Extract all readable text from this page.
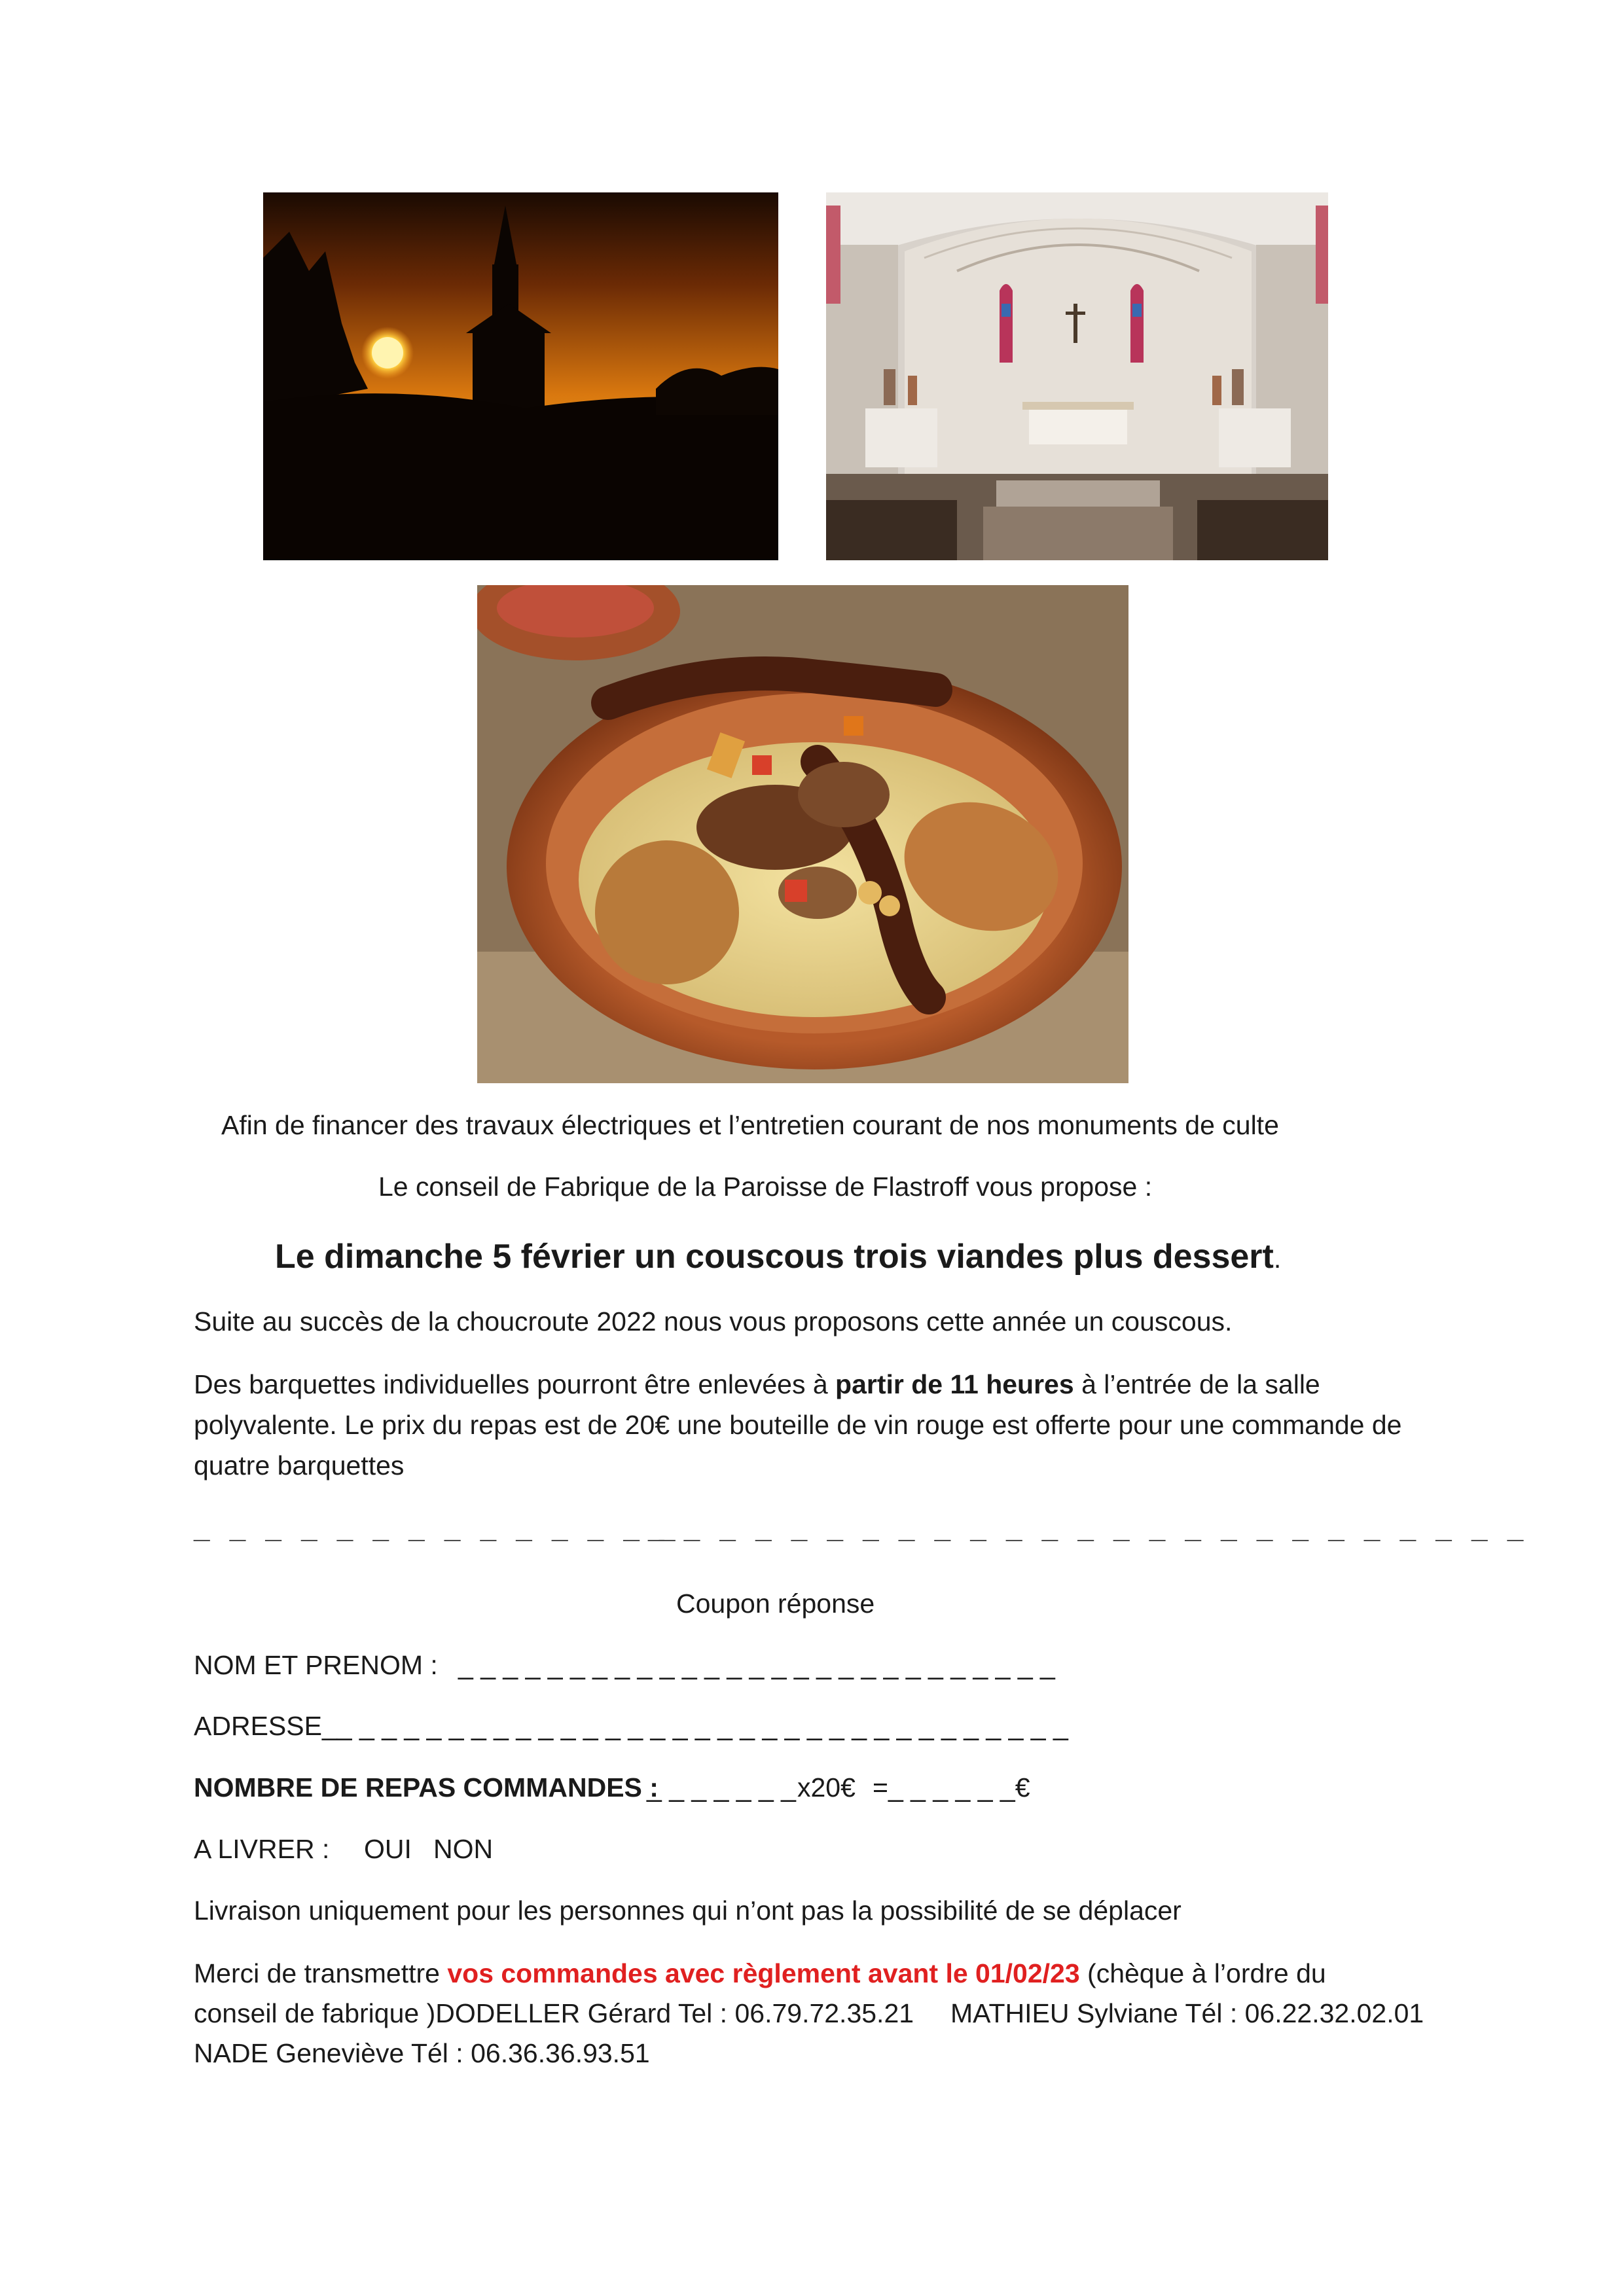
Afin de financer des travaux électriques et l’entretien courant de nos monuments de culte
Le conseil de Fabrique de la Paroisse de Flastroff vous propose :
Le dimanche 5 février un couscous trois viandes plus dessert.
Suite au succès de la choucroute 2022 nous vous proposons cette année un couscous.
Des barquettes individuelles pourront être enlevées à partir de 11 heures à l’entrée de la salle polyvalente. Le prix du repas est de 20€ une bouteille de vin rouge est offerte pour une commande de quatre barquettes
_ _ _ _ _ _ _ _ _ _ _ _ _ _
_ _ _ _ _ _ _ _ _ _ _ _ _ _ _ _ _ _ _ _ _ _ _ _ _
Coupon réponse
NOM ET PRENOM : _ _ _ _ _ _ _ _ _ _ _ _ _ _ _ _ _ _ _ _ _ _ _ _ _ _ _
ADRESSE __ _ _ _ _ _ _ _ _ _ _ _ _ _ _ _ _ _ _ _ _ _ _ _ _ _ _ _ _ _ _ _ _
NOMBRE DE REPAS COMMANDES :
_ _ _ _ _ _ _ x20€ =_ _ _ _ _ _€
A LIVRER : OUI NON
Livraison uniquement pour les personnes qui n’ont pas la possibilité de se déplacer
Merci de transmettre vos commandes avec règlement avant le 01/02/23 (chèque à l’ordre du
conseil de fabrique )DODELLER Gérard Tel : 06.79.72.35.21 MATHIEU Sylviane Tél : 06.22.32.02.01
NADE Geneviève Tél : 06.36.36.93.51
